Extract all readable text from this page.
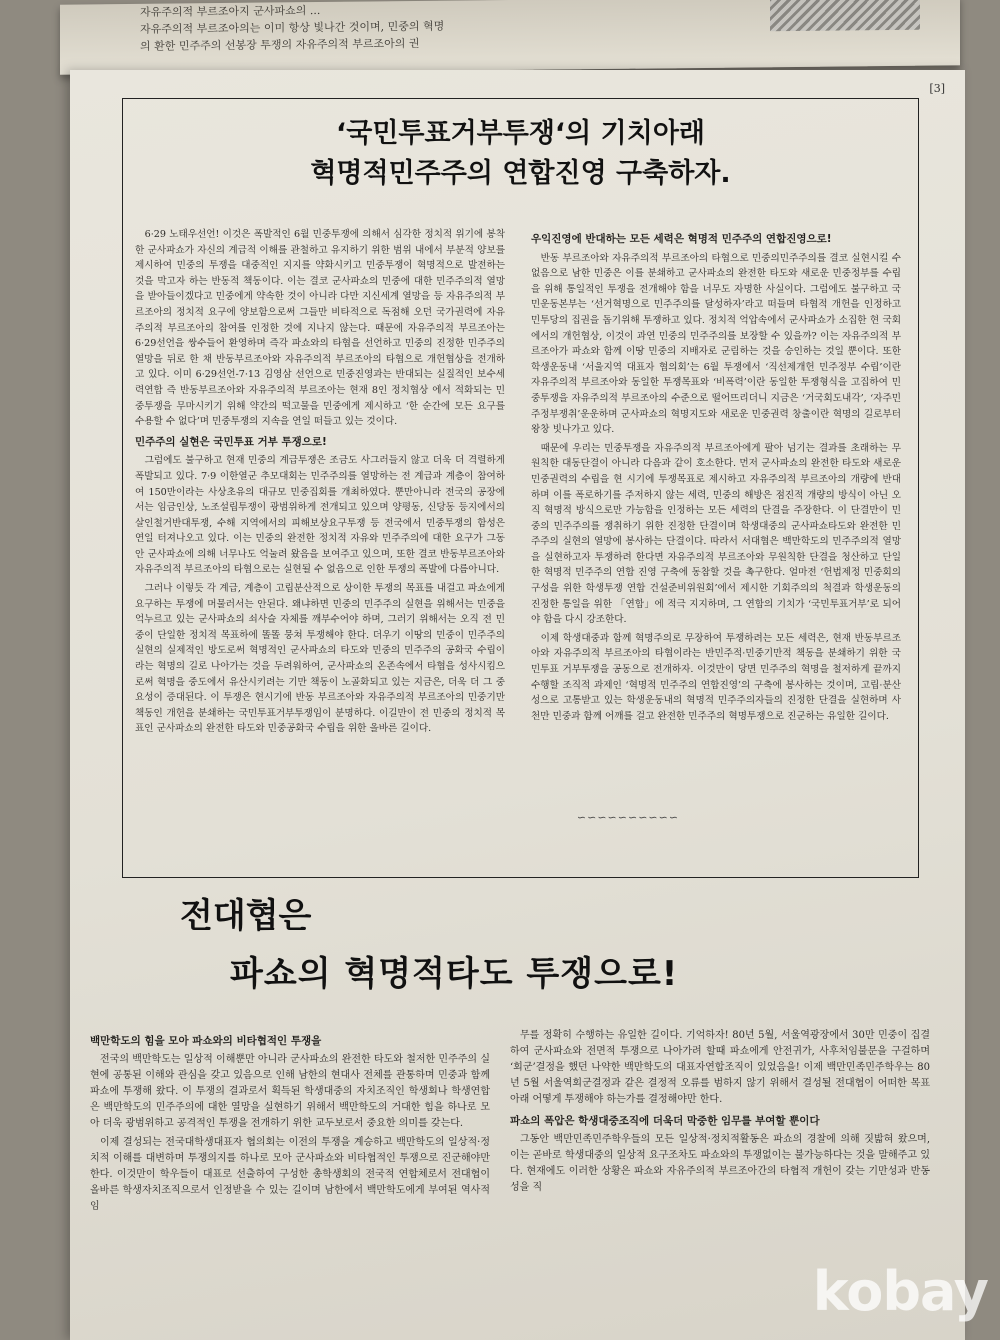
자유주의적 부르조아지 군사파쇼의 ...
자유주의적 부르조아의는 이미 항상 빛나간 것이며, 민중의 혁명
의 환한 민주주의 선봉장 투쟁의 자유주의적 부르조아의 권
[3]
‘국민투표거부투쟁‘의 기치아래
혁명적민주주의 연합진영 구축하자.

6·29 노태우선언! 이것은 폭발적인 6월 민중투쟁에 의해서 심각한 정치적 위기에 봉착한 군사파쇼가 자신의 계급적 이해를 관철하고 유지하기 위한 범위 내에서 부분적 양보를 제시하여 민중의 투쟁을 대중적인 지지를 약화시키고 민중투쟁이 혁명적으로 발전하는 것을 막고자 하는 반동적 책동이다. 이는 결코 군사파쇼의 민중에 대한 민주주의적 열망을 받아들이겠다고 민중에게 약속한 것이 아니라 다만 지신세계 열망을 등 자유주의적 부르조아의 정치적 요구에 양보함으로써 그들만 비타적으로 독점해 오던 국가권력에 자유주의적 부르조아의 참여를 인정한 것에 지나지 않는다. 때문에 자유주의적 부르조아는 6·29선언을 쌍수들어 환영하며 즉각 파쇼와의 타협을 선언하고 민중의 진정한 민주주의 열망을 뒤로 한 채 반동부르조아와 자유주의적 부르조아의 타협으로 개헌협상을 전개하고 있다. 이미 6·29선언-7·13 김영삼 선언으로 민중진영과는 반대되는 실질적인 보수세력연합 즉 반동부르조아와 자유주의적 부르조아는 현재 8인 정치협상 에서 적화되는 민중투쟁을 무마시키기 위해 약간의 떡고물을 민중에게 제시하고 ‘한 순간에 모든 요구를 수용할 수 없다’며 민중투쟁의 지속을 연일 떠들고 있는 것이다.

민주주의 실현은 국민투표 거부 투쟁으로!

그럼에도 불구하고 현재 민중의 계급투쟁은 조금도 사그러들지 않고 더욱 더 격렬하게 폭발되고 있다. 7·9 이한열군 추모대회는 민주주의를 열망하는 전 계급과 계층이 참여하여 150만이라는 사상초유의 대규모 민중집회를 개최하였다. 뿐만아니라 전국의 공장에서는 임금인상, 노조설립투쟁이 광범위하게 전개되고 있으며 양평동, 신당동 등지에서의 살인철거반대투쟁, 수해 지역에서의 피해보상요구투쟁 등 전국에서 민중투쟁의 함성은 연일 터져나오고 있다. 이는 민중의 완전한 정치적 자유와 민주주의에 대한 요구가 그동안 군사파쇼에 의해 너무나도 억눌려 왔음을 보여주고 있으며, 또한 결코 반동부르조아와 자유주의적 부르조아의 타협으로는 실현될 수 없음으로 인한 투쟁의 폭발에 다름아니다.

그러나 이렇듯 각 계급, 계층이 고립분산적으로 상이한 투쟁의 목표를 내걸고 파쇼에게 요구하는 투쟁에 머물러서는 안된다. 왜냐하면 민중의 민주주의 실현을 위해서는 민중을 억누르고 있는 군사파쇼의 쇠사슬 자체를 깨부수어야 하며, 그러기 위해서는 오직 전 민중이 단일한 정치적 목표하에 똘똘 뭉쳐 투쟁해야 한다. 더우기 이땅의 민중이 민주주의 실현의 실제적인 방도로써 혁명적인 군사파쇼의 타도와 민중의 민주주의 공화국 수립이라는 혁명의 길로 나아가는 것을 두려워하여, 군사파쇼의 온존속에서 타협을 성사시킴으로써 혁명을 중도에서 유산시키려는 기만 책동이 노골화되고 있는 지금은, 더욱 더 그 중요성이 증대된다. 이 투쟁은 현시기에 반동 부르조아와 자유주의적 부르조아의 민중기만 책동인 개헌을 분쇄하는 국민투표거부투쟁임이 분명하다. 이길만이 전 민중의 정치적 목표인 군사파쇼의 완전한 타도와 민중공화국 수립을 위한 올바른 길이다.

우익진영에 반대하는 모든 세력은 혁명적 민주주의 연합진영으로!

반동 부르조아와 자유주의적 부르조아의 타협으로 민중의민주주의를 결코 실현시킬 수 없음으로 남한 민중은 이를 분쇄하고 군사파쇼의 완전한 타도와 새로운 민중정부를 수립을 위해 통일적인 투쟁을 전개해야 함을 너무도 자명한 사실이다. 그럼에도 불구하고 국민운동본부는 ‘선거혁명으로 민주주의를 달성하자’라고 떠들며 타협적 개헌을 인정하고 민투당의 집권을 돕기위해 투쟁하고 있다. 정치적 억압속에서 군사파쇼가 소집한 현 국회에서의 개헌협상, 이것이 과연 민중의 민주주의를 보장할 수 있을까? 이는 자유주의적 부르조아가 파쇼와 함께 이땅 민중의 지배자로 군림하는 것을 승인하는 것일 뿐이다. 또한 학생운동내 ‘서울지역 대표자 협의회’는 6월 투쟁에서 ‘직선제개헌 민주정부 수립’이란 자유주의적 부르조아와 동일한 투쟁목표와 ‘비폭력’이란 동일한 투쟁형식을 고집하여 민중투쟁을 자유주의적 부르조아의 수준으로 떨어뜨리더니 지금은 ‘거국회도내각’, ‘자주민주정부쟁취’운운하며 군사파쇼의 혁명지도와 새로운 민중권력 창출이란 혁명의 길로부터 왕창 빗나가고 있다.

때문에 우리는 민중투쟁을 자유주의적 부르조아에게 팔아 넘기는 결과를 초래하는 무원칙한 대동단결이 아니라 다음과 같이 호소한다. 먼저 군사파쇼의 완전한 타도와 새로운 민중권력의 수립을 현 시기에 투쟁목표로 제시하고 자유주의적 부르조아의 개량에 반대하며 이를 폭로하기를 주저하지 않는 세력, 민중의 해방은 점진적 개량의 방식이 아닌 오직 혁명적 방식으로만 가능함을 인정하는 모든 세력의 단결을 주장한다. 이 단결만이 민중의 민주주의를 쟁취하기 위한 진정한 단결이며 학생대중의 군사파쇼타도와 완전한 민주주의 실현의 열망에 봉사하는 단결이다. 따라서 서대협은 백만학도의 민주주의적 열망을 실현하고자 투쟁하려 한다면 자유주의적 부르조아와 무원칙한 단결을 청산하고 단일한 혁명적 민주주의 연합 진영 구축에 동참할 것을 촉구한다. 얼마전 ‘헌법제정 민중회의 구성을 위한 학생투쟁 연합 건설준비위원회’에서 제시한 기회주의의 척결과 학생운동의 진정한 통일을 위한 「연합」에 적극 지지하며, 그 연합의 기치가 ‘국민투표거부’로 되어야 함을 다시 강조한다.

이제 학생대중과 함께 혁명주의로 무장하여 투쟁하려는 모든 세력은, 현재 반동부르조아와 자유주의적 부르조아의 타협이라는 반민주적·민중기만적 책동을 분쇄하기 위한 국민투표 거부투쟁을 공동으로 전개하자. 이것만이 당면 민주주의 혁명을 철저하게 끝까지 수행할 조직적 과제인 ‘혁명적 민주주의 연합진영’의 구축에 봉사하는 것이며, 고립·분산성으로 고통받고 있는 학생운동내의 혁명적 민주주의자들의 진정한 단결을 실현하며 사천만 민중과 함께 어깨를 걸고 완전한 민주주의 혁명투쟁으로 진군하는 유일한 길이다.

∽∽∽∽∽∽∽∽∽∽
전대협은
파쇼의 혁명적타도 투쟁으로!
백만학도의 힘을 모아 파쇼와의 비타협적인 투쟁을

전국의 백만학도는 일상적 이해뿐만 아니라 군사파쇼의 완전한 타도와 철저한 민주주의 실현에 공통된 이해와 관심을 갖고 있음으로 인해 남한의 현대사 전체를 관통하며 민중과 함께 파쇼에 투쟁해 왔다. 이 투쟁의 결과로서 획득된 학생대중의 자치조직인 학생회나 학생연합은 백만학도의 민주주의에 대한 열망을 실현하기 위해서 백만학도의 거대한 힘을 하나로 모아 더욱 광범위하고 공격적인 투쟁을 전개하기 위한 교두보로서 중요한 의미를 갖는다.

이제 결성되는 전국대학생대표자 협의회는 이전의 투쟁을 계승하고 백만학도의 일상적·정치적 이해를 대변하며 투쟁의지를 하나로 모아 군사파쇼와 비타협적인 투쟁으로 진군해야만 한다. 이것만이 학우들이 대표로 선출하여 구성한 총학생회의 전국적 연합체로서 전대협이 올바른 학생자치조직으로서 인정받을 수 있는 길이며 남한에서 백만학도에게 부여된 역사적 임

무를 정확히 수행하는 유일한 길이다. 기억하자! 80년 5월, 서울역광장에서 30만 민중이 집결하여 군사파쇼와 전면적 투쟁으로 나아가려 할때 파쇼에게 안전귀가, 사후처임불문을 구걸하며 ‘회군’결정을 했던 나약한 백만학도의 대표자연합조직이 있었음을! 이제 백만민족민주학우는 80년 5월 서울역회군결정과 같은 결정적 오류를 범하지 않기 위해서 결성될 전대협이 어떠한 목표아래 어떻게 투쟁해야 하는가를 결정해야만 한다.

파쇼의 폭압은 학생대중조직에 더욱더 막중한 임무를 부여할 뿐이다

그동안 백만민족민주학우들의 모든 일상적·정치적활동은 파쇼의 경찰에 의해 짓밟혀 왔으며, 이는 곧바로 학생대중의 일상적 요구조차도 파쇼와의 투쟁없이는 불가능하다는 것을 말해주고 있다. 현재에도 이러한 상황은 파쇼와 자유주의적 부르조아간의 타협적 개헌이 갖는 기만성과 반동성을 직

kobay
